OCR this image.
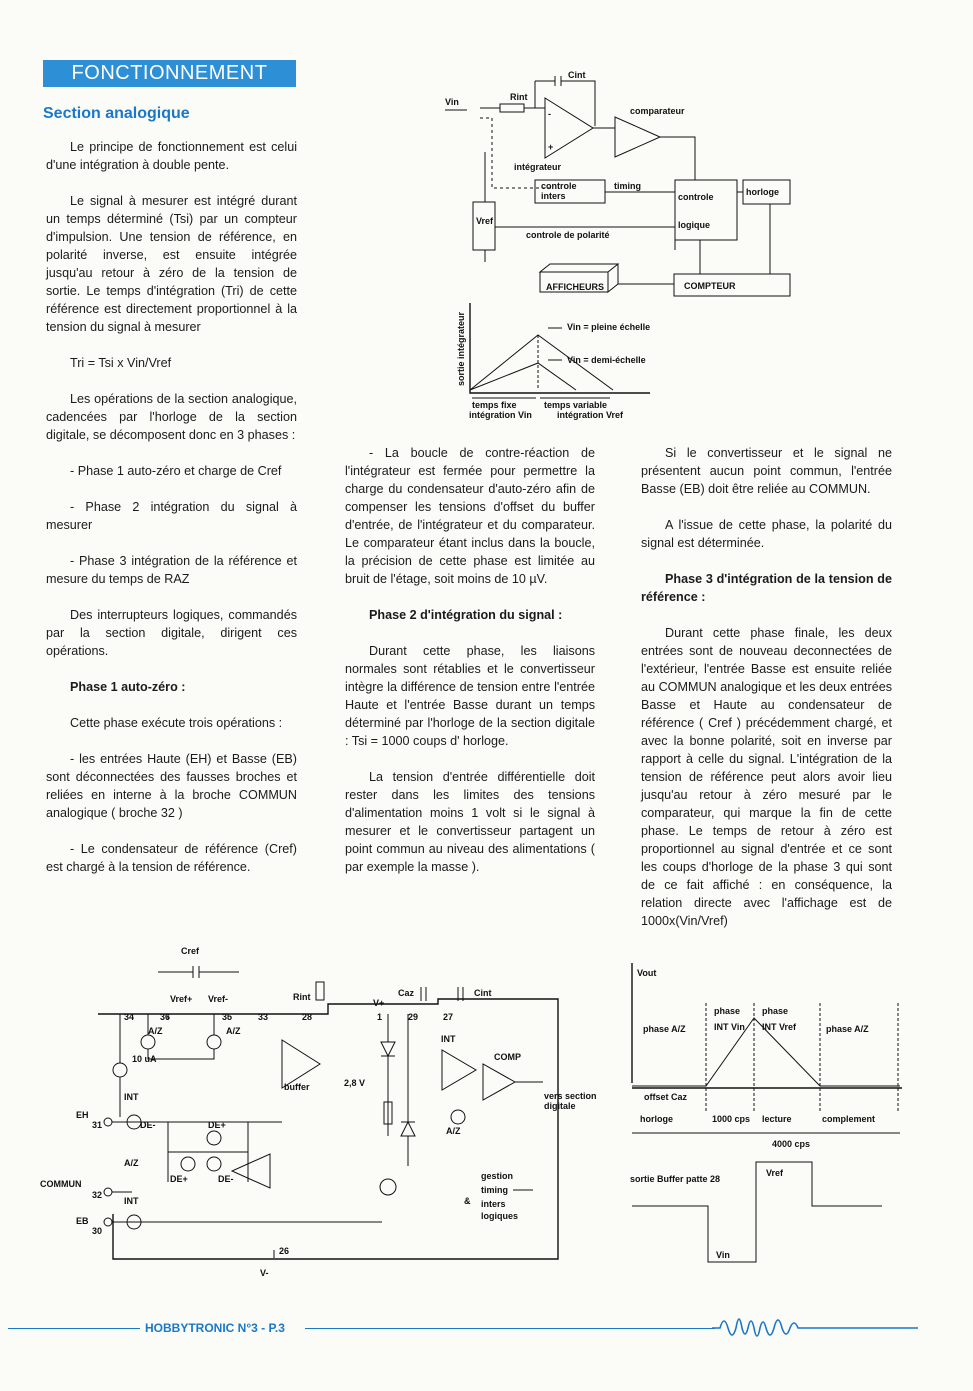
FONCTIONNEMENT
Section analogique

Le principe de fonctionnement est celui d'une intégration à double pente.

Le signal à mesurer est intégré durant un temps déterminé (Tsi) par un compteur d'impulsion. Une tension de référence, en polarité inverse, est ensuite intégrée jusqu'au retour à zéro de la tension de sortie. Le temps d'intégration (Tri) de cette référence est directement proportionnel à la tension du signal à mesurer

Tri = Tsi x Vin/Vref

Les opérations de la section analogique, cadencées par l'horloge de la section digitale, se décomposent donc en 3 phases :

- Phase 1 auto-zéro et charge de Cref

- Phase 2 intégration du signal à mesurer

- Phase 3 intégration de la référence et mesure du temps de RAZ

Des interrupteurs logiques, commandés par la section digitale, dirigent ces opérations.

Phase 1 auto-zéro :

Cette phase exécute trois opérations :

- les entrées Haute (EH) et Basse (EB) sont déconnectées des fausses broches et reliées en interne à la broche COMMUN analogique ( broche 32 )

- Le condensateur de référence (Cref) est chargé à la tension de référence.

- La boucle de contre-réaction de l'intégrateur est fermée pour permettre la charge du condensateur d'auto-zéro afin de compenser les tensions d'offset du buffer d'entrée, de l'intégrateur et du comparateur. Le comparateur étant inclus dans la boucle, la précision de cette phase est limitée au bruit de l'étage, soit moins de 10 µV.

Phase 2 d'intégration du signal :

Durant cette phase, les liaisons normales sont rétablies et le convertisseur intègre la différence de tension entre l'entrée Haute et l'entrée Basse durant un temps déterminé par l'horloge de la section digitale : Tsi = 1000 coups d' horloge.

La tension d'entrée différentielle doit rester dans les limites des tensions d'alimentation moins 1 volt si le signal à mesurer et le convertisseur partagent un point commun au niveau des alimentations ( par exemple la masse ).

Si le convertisseur et le signal ne présentent aucun point commun, l'entrée Basse (EB) doit être reliée au COMMUN.

A l'issue de cette phase, la polarité du signal est déterminée.

Phase 3 d'intégration de la tension de référence :

Durant cette phase finale, les deux entrées sont de nouveau deconnectées de l'extérieur, l'entrée Basse est ensuite reliée au COMMUN analogique et les deux entrées Basse et Haute au condensateur de référence ( Cref ) précédemment chargé, et avec la bonne polarité, soit en inverse par rapport à celle du signal. L'intégration de la tension de référence peut alors avoir lieu jusqu'au retour à zéro mesuré par le comparateur, qui marque la fin de cette phase. Le temps de retour à zéro est proportionnel au signal d'entrée et ce sont les coups d'horloge de la phase 3 qui sont de ce fait affiché : en conséquence, la relation directe avec l'affichage est de 1000x(Vin/Vref)

Cint
Vin	Rint
-
+
comparateur
intégrateur
controle
inters
timing
controle
logique
horloge
Vref
controle de polarité
AFFICHEURS	COMPTEUR
sortie intégrateur	Vin = pleine échelle
Vin = demi-échelle
temps fixe	temps variable
intégration Vin	intégration Vref
Cref
Vref+ Vref-
34	36	35	33	28
Rint
V+
Caz	Cint
1	29	27
A/Z	A/Z
10 uA
INT
buffer	2,8 V
INT
COMP
vers section
digitale
A/Z
EH
31	DE-	DE+
A/Z
DE+	DE-
COMMUN
32
INT
EB
30
26
V-
&
gestion
timing
inters
logiques
Vout
phase
INT Vin
phase
INT Vref
phase A/Z	phase A/Z
offset Caz
horloge	1000 cps lecture	complement
4000 cps
sortie Buffer patte 28
Vref
Vin
HOBBYTRONIC N°3 - P.3
